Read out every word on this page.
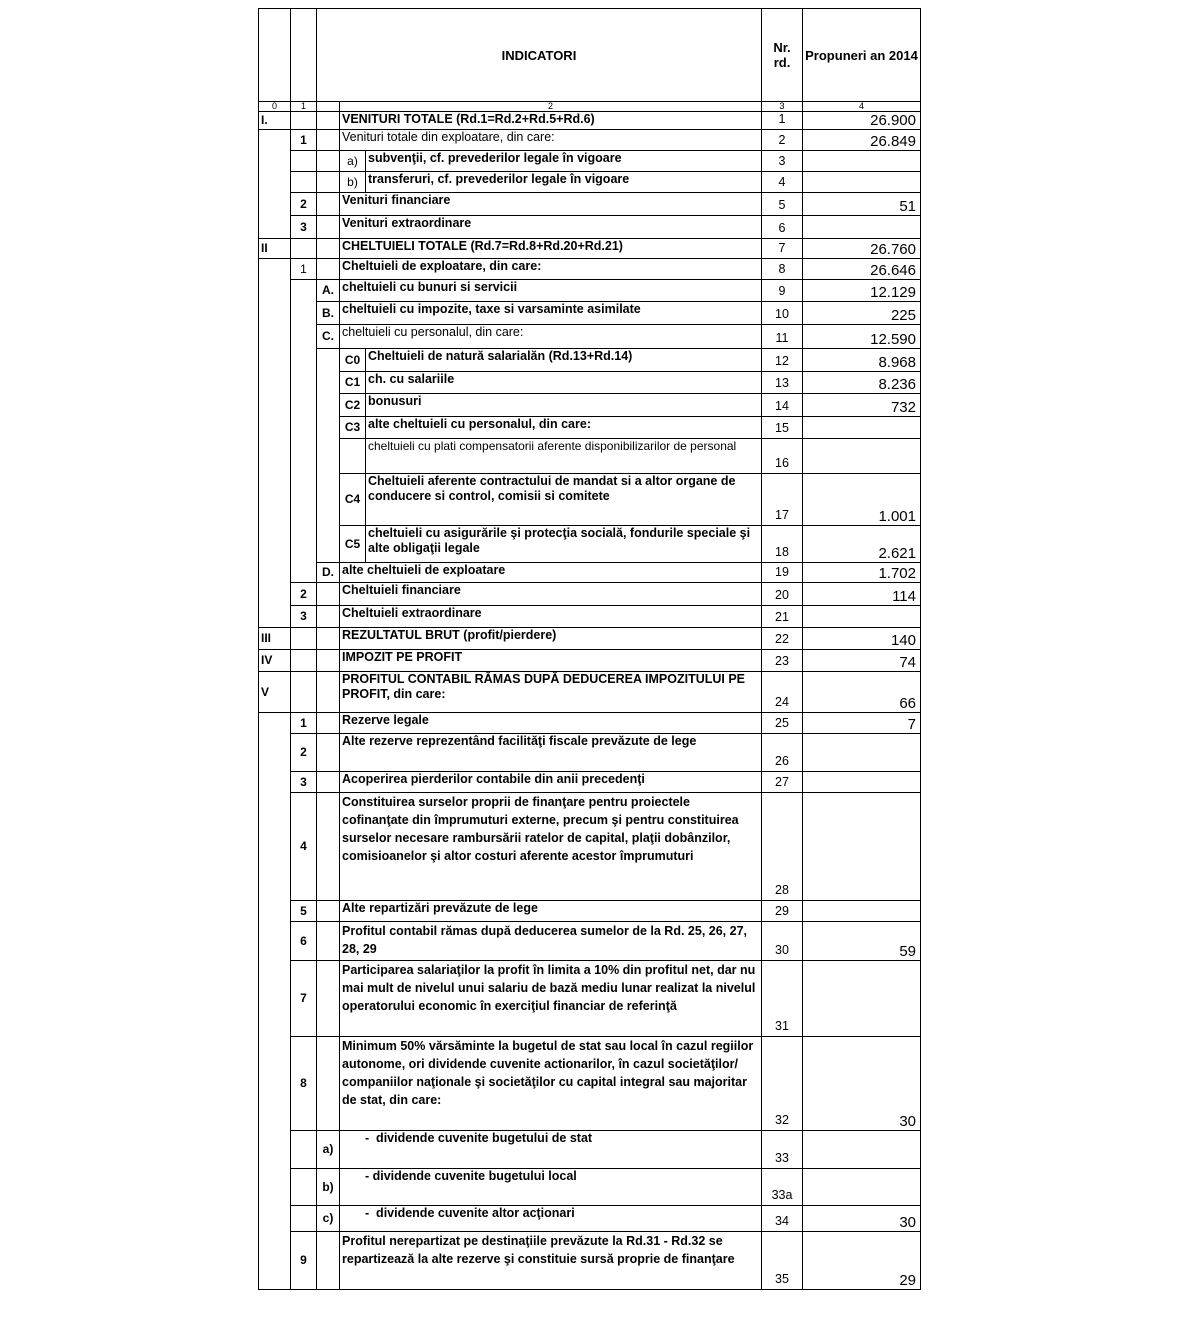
		INDICATORI			Nr. rd.	Propuneri an 2014
0	1		2		3	4
I.			VENITURI TOTALE (Rd.1=Rd.2+Rd.5+Rd.6)		1	26.900
	1		Venituri totale din exploatare, din care:		2	26.849
			a)	subvenţii, cf. prevederilor legale în vigoare	3	
			b)	transferuri, cf. prevederilor legale în vigoare	4	
	2		Venituri financiare		5	51
	3		Venituri extraordinare		6	
II			CHELTUIELI TOTALE (Rd.7=Rd.8+Rd.20+Rd.21)		7	26.760
	1		Cheltuieli de exploatare, din care:		8	26.646
		A.	cheltuieli cu bunuri si servicii		9	12.129
		B.	cheltuieli cu impozite, taxe si varsaminte asimilate		10	225
		C.	cheltuieli cu personalul, din care:		11	12.590
			C0	Cheltuieli de natură salarialăn (Rd.13+Rd.14)	12	8.968
			C1	ch. cu salariile	13	8.236
			C2	bonusuri	14	732
			C3	alte cheltuieli cu personalul, din care:	15	
				cheltuieli cu plati compensatorii aferente disponibilizarilor de personal	16	
			C4	Cheltuieli aferente contractului de mandat si a altor organe de conducere si control, comisii si comitete	17	1.001
			C5	cheltuieli cu asigurările şi protecţia socială, fondurile speciale şi alte obligaţii legale	18	2.621
		D.	alte cheltuieli de exploatare		19	1.702
	2		Cheltuieli financiare		20	114
	3		Cheltuieli extraordinare		21	
III			REZULTATUL BRUT (profit/pierdere)		22	140
IV			IMPOZIT PE PROFIT		23	74
V			PROFITUL CONTABIL RĂMAS DUPĂ DEDUCEREA IMPOZITULUI PE PROFIT, din care:		24	66
	1		Rezerve legale		25	7
	2		Alte rezerve reprezentând facilităţi fiscale prevăzute de lege		26	
	3		Acoperirea pierderilor contabile din anii precedenţi		27	
	4		Constituirea surselor proprii de finanţare pentru proiectele cofinanţate din împrumuturi externe, precum şi pentru constituirea surselor necesare rambursării ratelor de capital, plaţii dobânzilor, comisioanelor şi altor costuri aferente acestor împrumuturi		28	
	5		Alte repartizări prevăzute de lege		29	
	6		Profitul contabil rămas după deducerea sumelor de la Rd. 25, 26, 27, 28, 29		30	59
	7		Participarea salariaţilor la profit în limita a 10% din profitul net, dar nu mai mult de nivelul unui salariu de bază mediu lunar realizat la nivelul operatorului economic în exerciţiul financiar de referinţă		31	
	8		Minimum 50% vărsăminte la bugetul de stat sau local în cazul regiilor autonome, ori dividende cuvenite actionarilor, în cazul societăţilor/ companiilor naţionale şi societăţilor cu capital integral sau majoritar de stat, din care:		32	30
		a)	-  dividende cuvenite bugetului de stat		33	
		b)	- dividende cuvenite bugetului local		33a	
		c)	-  dividende cuvenite altor acţionari		34	30
	9		Profitul nerepartizat pe destinaţiile prevăzute la Rd.31 - Rd.32 se repartizează la alte rezerve şi constituie sursă proprie de finanţare		35	29
